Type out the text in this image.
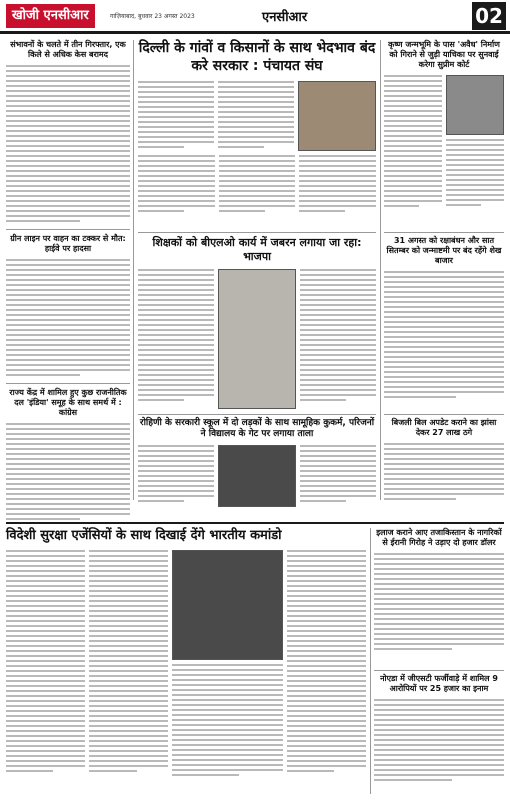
खोजी एनसीआर	गाज़ियाबाद, बुधवार 23 अगस्त 2023	एनसीआर	02
संभावनों के चलते में तीन गिरफ्तार, एक किले से अधिक केस बरामद
ग्रीन लाइन पर वाहन का टक्कर से मौत: हाईवे पर हादसा
राज्य केंद्र में शामिल हुए कुछ राजनीतिक दल 'इंडिया' समूह के साथ समर्थ में : कांग्रेस
दिल्ली के गांवों व किसानों के साथ भेदभाव बंद करे सरकार : पंचायत संघ
कृष्ण जन्मभूमि के पास 'अवैध' निर्माण को गिराने से जुड़ी याचिका पर सुनवाई करेगा सुप्रीम कोर्ट
शिक्षकों को बीएलओ कार्य में जबरन लगाया जा रहा: भाजपा
31 अगस्त को रक्षाबंधन और सात सितम्बर को जन्माष्टमी पर बंद रहेंगे शेख बाजार
रोहिणी के सरकारी स्कूल में दो लड़कों के साथ सामूहिक कुकर्म, परिजनों ने विद्यालय के गेट पर लगाया ताला
बिजली बिल अपडेट कराने का झांसा देकर 27 लाख ठगे
विदेशी सुरक्षा एजेंसियों के साथ दिखाई देंगे भारतीय कमांडो	इलाज कराने आए तजाकिस्तान के नागरिकों से ईरानी गिरोह ने उड़ाए दो हजार डॉलर
नोएडा में जीएसटी फर्जीवाड़े में शामिल 9 आरोपियों पर 25 हजार का इनाम
